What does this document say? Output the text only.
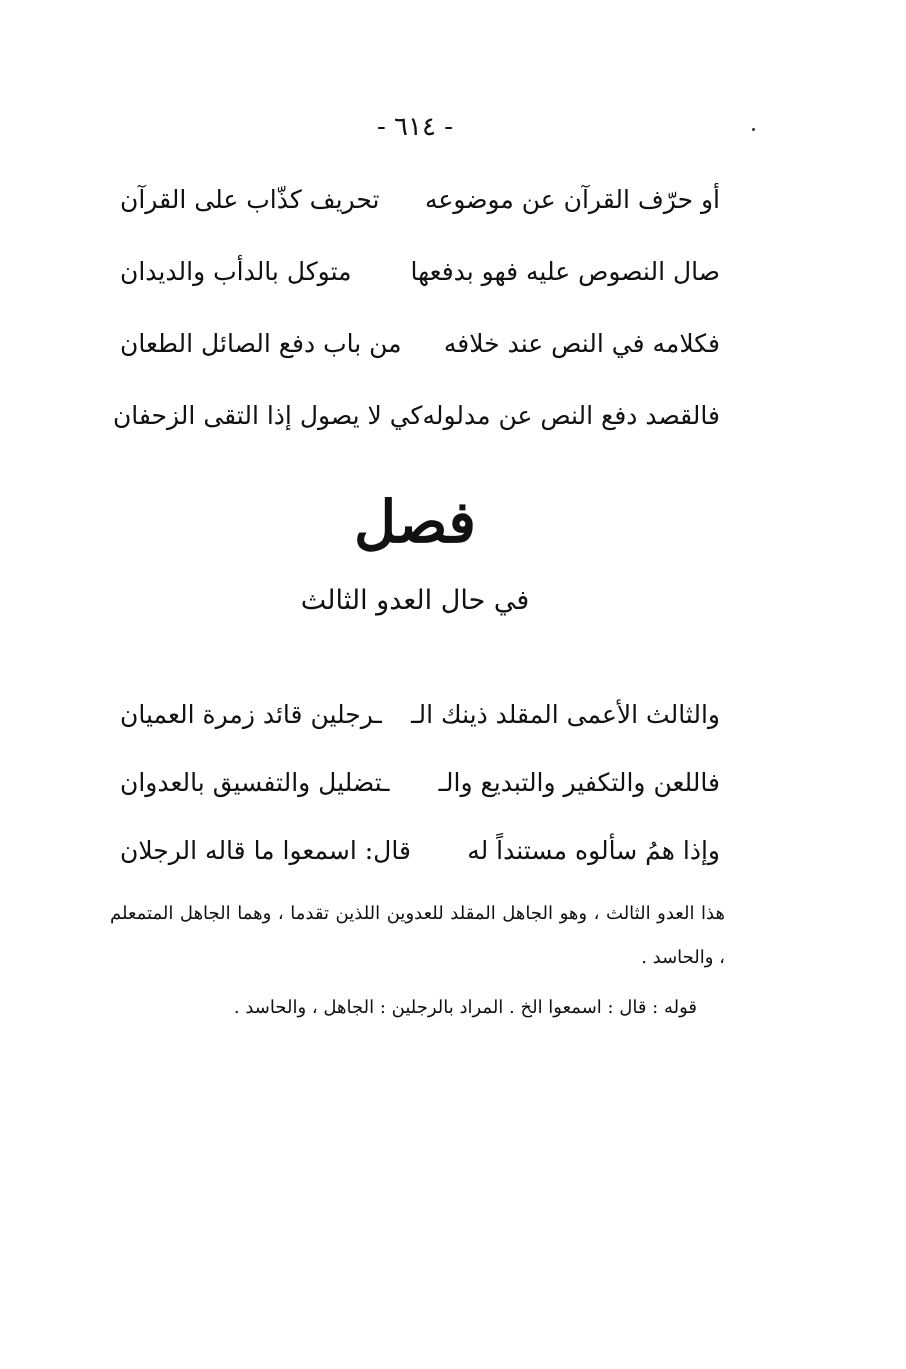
- ٦١٤ -
أو حرّف القرآن عن موضوعه
تحريف كذّاب على القرآن
صال النصوص عليه فهو بدفعها
متوكل بالدأب والديدان
فكلامه في النص عند خلافه
من باب دفع الصائل الطعان
فالقصد دفع النص عن مدلوله
كي لا يصول إذا التقى الزحفان
فصل
في حال العدو الثالث
والثالث الأعمى المقلد ذينك الـ
ـرجلين قائد زمرة العميان
فاللعن والتكفير والتبديع والـ
ـتضليل والتفسيق بالعدوان
وإذا همُ سألوه مستنداً له
قال: اسمعوا ما قاله الرجلان

هذا العدو الثالث ، وهو الجاهل المقلد للعدوين اللذين تقدما ، وهما الجاهل المتمعلم ، والحاسد .

قوله : قال : اسمعوا الخ . المراد بالرجلين : الجاهل ، والحاسد .
